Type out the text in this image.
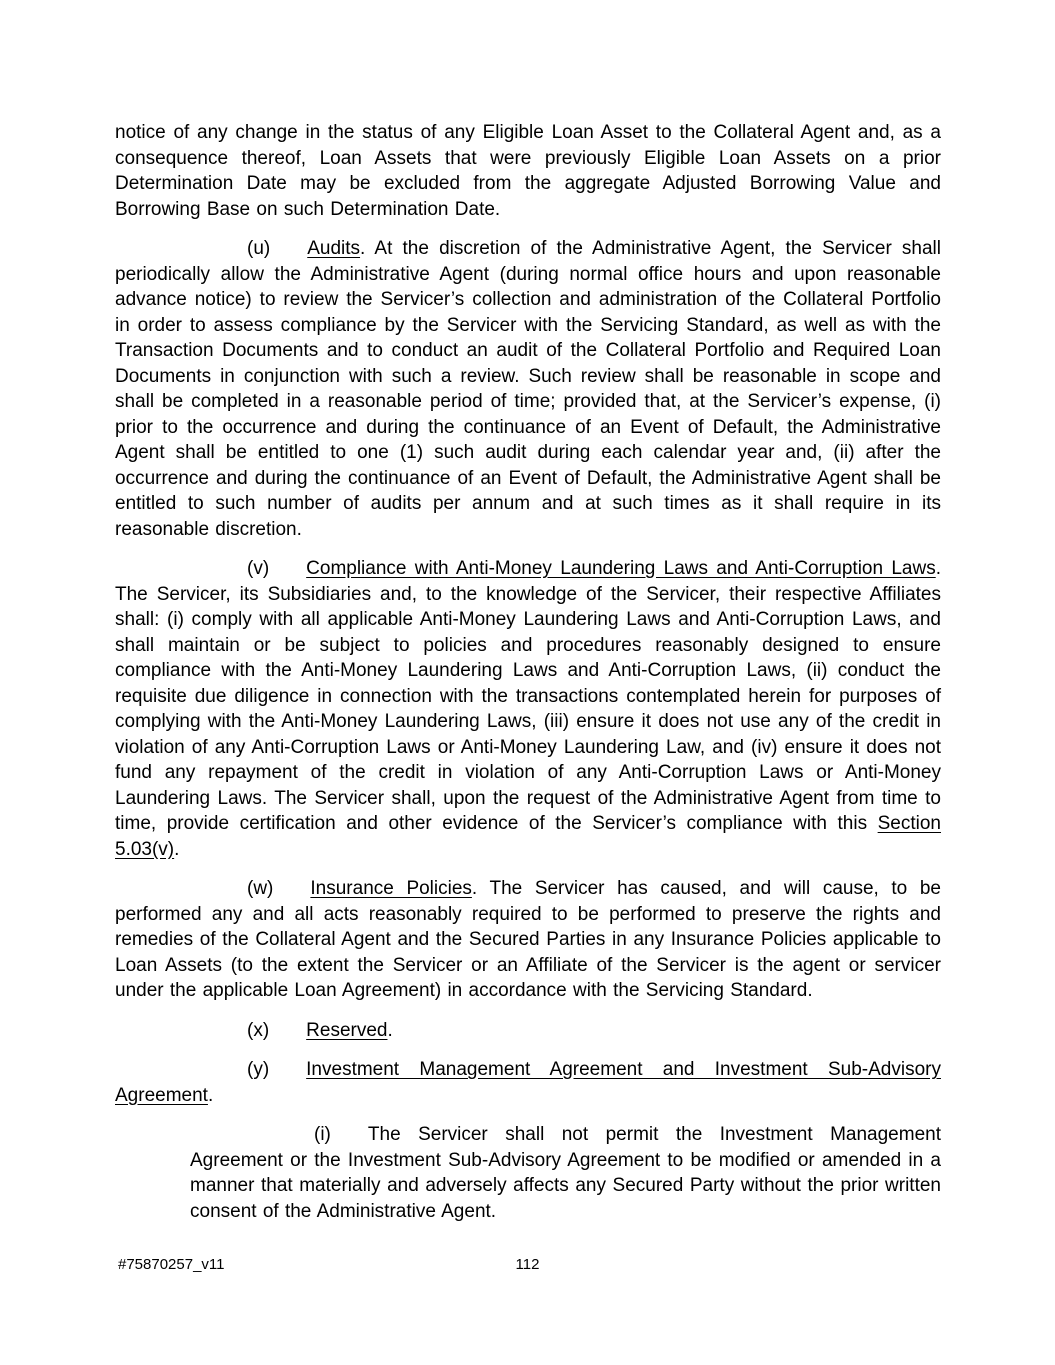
notice of any change in the status of any Eligible Loan Asset to the Collateral Agent and, as a consequence thereof, Loan Assets that were previously Eligible Loan Assets on a prior Determination Date may be excluded from the aggregate Adjusted Borrowing Value and Borrowing Base on such Determination Date.

(u) Audits. At the discretion of the Administrative Agent, the Servicer shall periodically allow the Administrative Agent (during normal office hours and upon reasonable advance notice) to review the Servicer’s collection and administration of the Collateral Portfolio in order to assess compliance by the Servicer with the Servicing Standard, as well as with the Transaction Documents and to conduct an audit of the Collateral Portfolio and Required Loan Documents in conjunction with such a review. Such review shall be reasonable in scope and shall be completed in a reasonable period of time; provided that, at the Servicer’s expense, (i) prior to the occurrence and during the continuance of an Event of Default, the Administrative Agent shall be entitled to one (1) such audit during each calendar year and, (ii) after the occurrence and during the continuance of an Event of Default, the Administrative Agent shall be entitled to such number of audits per annum and at such times as it shall require in its reasonable discretion.

(v) Compliance with Anti-Money Laundering Laws and Anti-Corruption Laws. The Servicer, its Subsidiaries and, to the knowledge of the Servicer, their respective Affiliates shall: (i) comply with all applicable Anti-Money Laundering Laws and Anti-Corruption Laws, and shall maintain or be subject to policies and procedures reasonably designed to ensure compliance with the Anti-Money Laundering Laws and Anti-Corruption Laws, (ii) conduct the requisite due diligence in connection with the transactions contemplated herein for purposes of complying with the Anti-Money Laundering Laws, (iii) ensure it does not use any of the credit in violation of any Anti-Corruption Laws or Anti-Money Laundering Law, and (iv) ensure it does not fund any repayment of the credit in violation of any Anti-Corruption Laws or Anti-Money Laundering Laws. The Servicer shall, upon the request of the Administrative Agent from time to time, provide certification and other evidence of the Servicer’s compliance with this Section 5.03(v).

(w) Insurance Policies. The Servicer has caused, and will cause, to be performed any and all acts reasonably required to be performed to preserve the rights and remedies of the Collateral Agent and the Secured Parties in any Insurance Policies applicable to Loan Assets (to the extent the Servicer or an Affiliate of the Servicer is the agent or servicer under the applicable Loan Agreement) in accordance with the Servicing Standard.

(x) Reserved.

(y) Investment Management Agreement and Investment Sub-Advisory Agreement.

(i) The Servicer shall not permit the Investment Management Agreement or the Investment Sub-Advisory Agreement to be modified or amended in a manner that materially and adversely affects any Secured Party without the prior written consent of the Administrative Agent.

#75870257_v11	112
